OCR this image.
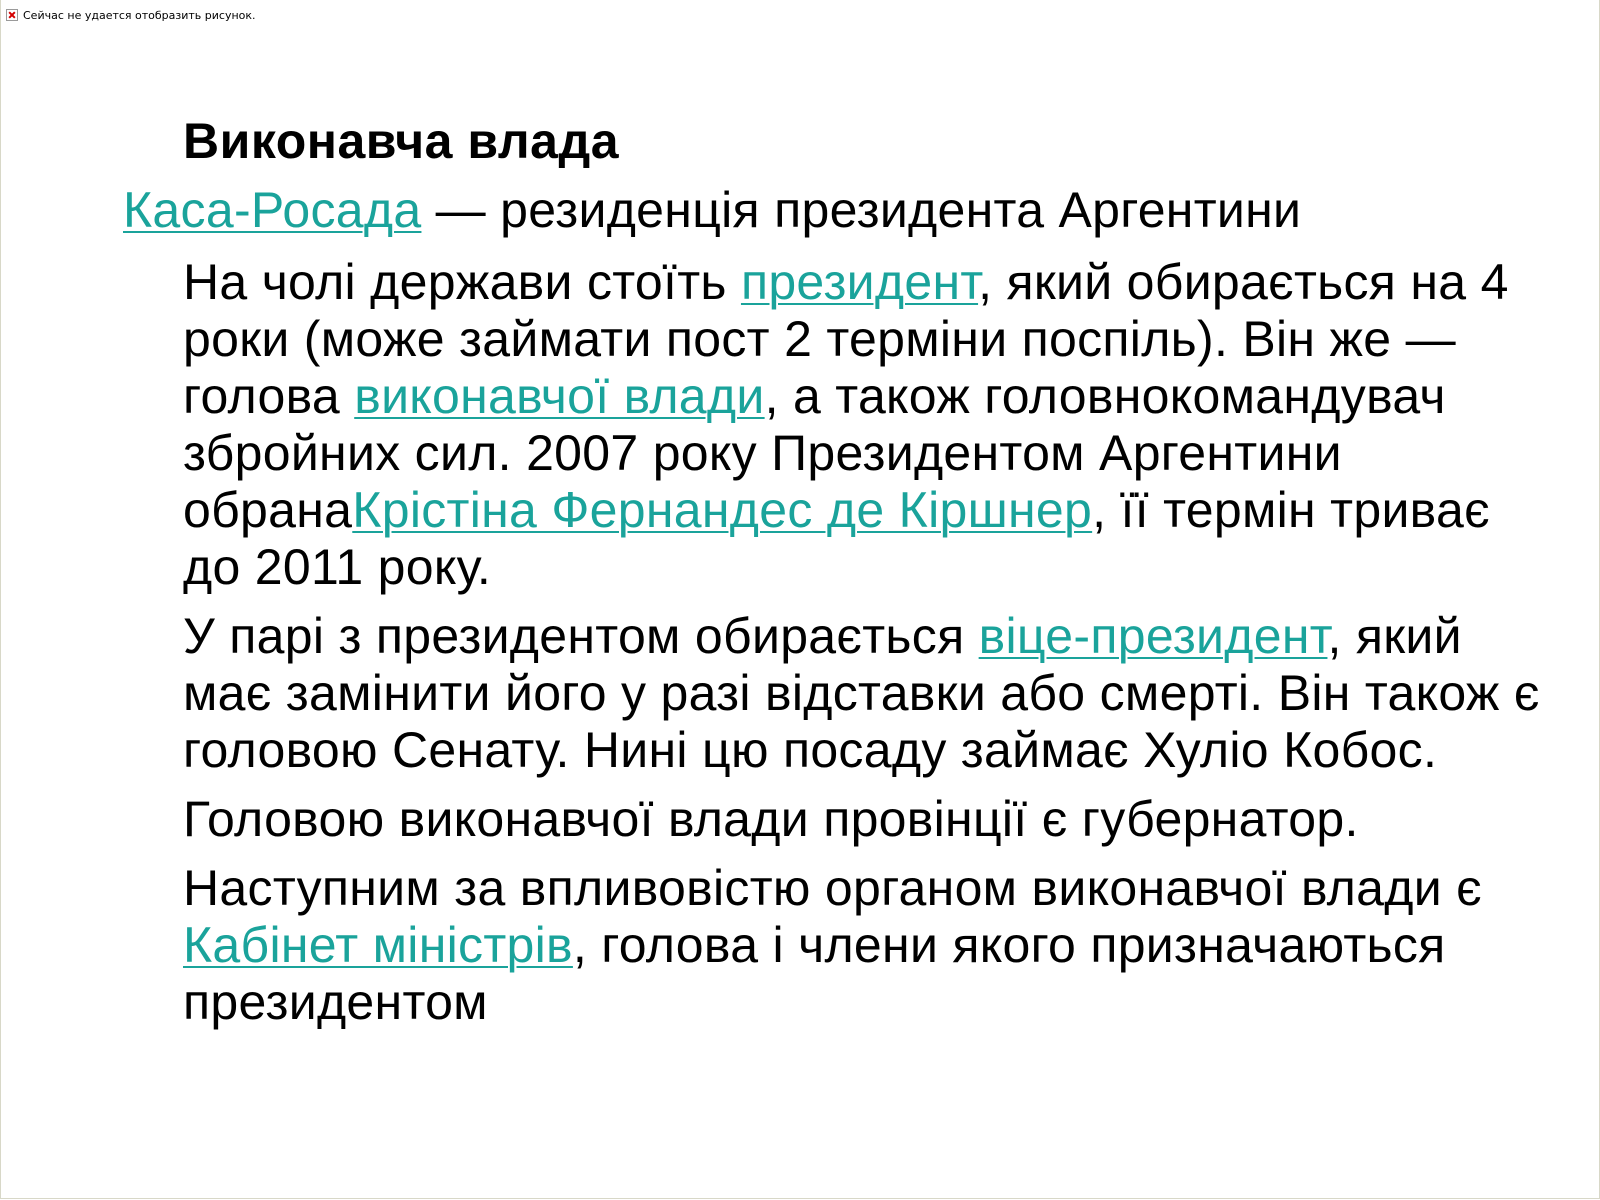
Сейчас не удается отобразить рисунок.
Виконавча влада
Каса-Росада — резиденція президента Аргентини
На чолі держави стоїть президент, який обирається на 4 роки (може займати пост 2 терміни поспіль). Він же — голова виконавчої влади, а також головнокомандувач збройних сил. 2007 року Президентом Аргентини обранаКрістіна Фернандес де Кіршнер, її термін триває до 2011 року.
У парі з президентом обирається віце-президент, який має замінити його у разі відставки або смерті. Він також є головою Сенату. Нині цю посаду займає Хуліо Кобос.
Головою виконавчої влади провінції є губернатор.
Наступним за впливовістю органом виконавчої влади є Кабінет міністрів, голова і члени якого призначаються президентом
